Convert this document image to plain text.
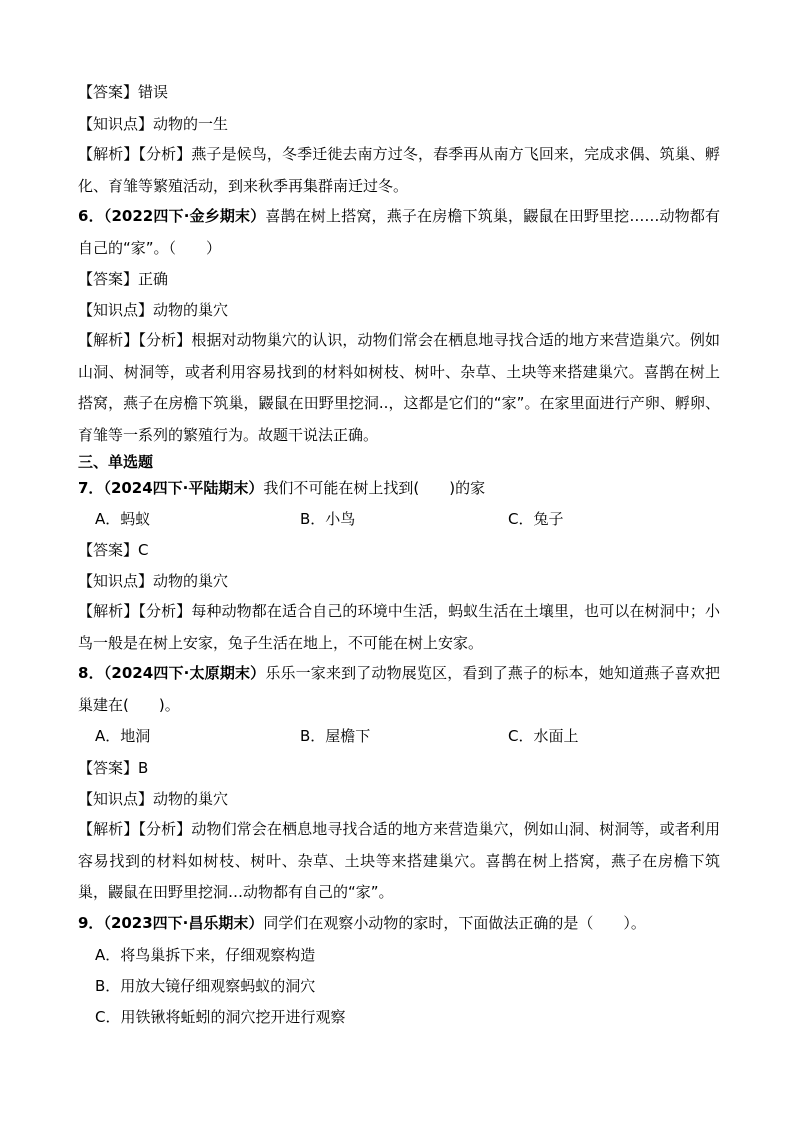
【答案】错误
【知识点】动物的一生
【解析】【分析】燕子是候鸟，冬季迁徙去南方过冬，春季再从南方飞回来，完成求偶、筑巢、孵化、育雏等繁殖活动，到来秋季再集群南迁过冬。
6．（2022四下·金乡期末）喜鹊在树上搭窝，燕子在房檐下筑巢，鼹鼠在田野里挖……动物都有自己的“家”。（　　）
【答案】正确
【知识点】动物的巢穴
【解析】【分析】根据对动物巢穴的认识，动物们常会在栖息地寻找合适的地方来营造巢穴。例如山洞、树洞等，或者利用容易找到的材料如树枝、树叶、杂草、土块等来搭建巢穴。喜鹊在树上搭窝，燕子在房檐下筑巢，鼹鼠在田野里挖洞..，这都是它们的“家”。在家里面进行产卵、孵卵、育雏等一系列的繁殖行为。故题干说法正确。
三、单选题
7．（2024四下·平陆期末）我们不可能在树上找到(　　)的家
A．蚂蚁	B．小鸟	C．兔子
【答案】C
【知识点】动物的巢穴
【解析】【分析】每种动物都在适合自己的环境中生活，蚂蚁生活在土壤里，也可以在树洞中；小鸟一般是在树上安家，兔子生活在地上，不可能在树上安家。
8．（2024四下·太原期末）乐乐一家来到了动物展览区，看到了燕子的标本，她知道燕子喜欢把巢建在(　　)。
A．地洞	B．屋檐下	C．水面上
【答案】B
【知识点】动物的巢穴
【解析】【分析】动物们常会在栖息地寻找合适的地方来营造巢穴，例如山洞、树洞等，或者利用容易找到的材料如树枝、树叶、杂草、土块等来搭建巢穴。喜鹊在树上搭窝，燕子在房檐下筑巢，鼹鼠在田野里挖洞…动物都有自己的“家”。
9．（2023四下·昌乐期末）同学们在观察小动物的家时，下面做法正确的是（　　）。
A．将鸟巢拆下来，仔细观察构造
B．用放大镜仔细观察蚂蚁的洞穴
C．用铁锹将蚯蚓的洞穴挖开进行观察
